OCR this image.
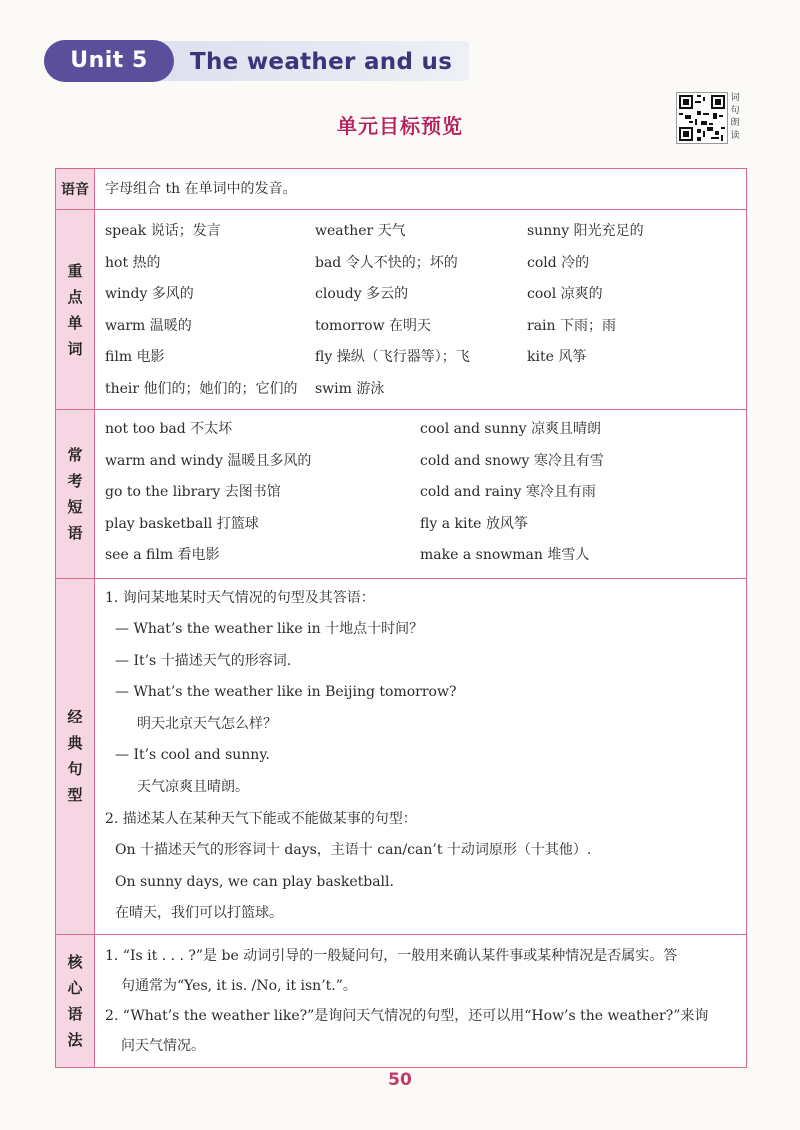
Unit 5	The weather and us
单元目标预览
词句朗读
语音	字母组合 th 在单词中的发音。
重点单词
speak 说话；发言	weather 天气	sunny 阳光充足的
hot 热的	bad 令人不快的；坏的	cold 冷的
windy 多风的	cloudy 多云的	cool 凉爽的
warm 温暖的	tomorrow 在明天	rain 下雨；雨
film 电影	fly 操纵（飞行器等）；飞	kite 风筝
their 他们的；她们的；它们的	swim 游泳
常考短语
not too bad 不太坏	cool and sunny 凉爽且晴朗
warm and windy 温暖且多风的	cold and snowy 寒冷且有雪
go to the library 去图书馆	cold and rainy 寒冷且有雨
play basketball 打篮球	fly a kite 放风筝
see a film 看电影	make a snowman 堆雪人
经典句型
1. 询问某地某时天气情况的句型及其答语：
— What’s the weather like in 十地点十时间？
— It’s 十描述天气的形容词.
— What’s the weather like in Beijing tomorrow?
明天北京天气怎么样？
— It’s cool and sunny.
天气凉爽且晴朗。
2. 描述某人在某种天气下能或不能做某事的句型：
On 十描述天气的形容词十 days，主语十 can/can’t 十动词原形（十其他）.
On sunny days, we can play basketball.
在晴天，我们可以打篮球。
核心语法
1. “Is it . . . ?”是 be 动词引导的一般疑问句，一般用来确认某件事或某种情况是否属实。答
句通常为“Yes, it is. /No, it isn’t.”。
2. “What’s the weather like?”是询问天气情况的句型，还可以用“How’s the weather?”来询
问天气情况。
50
